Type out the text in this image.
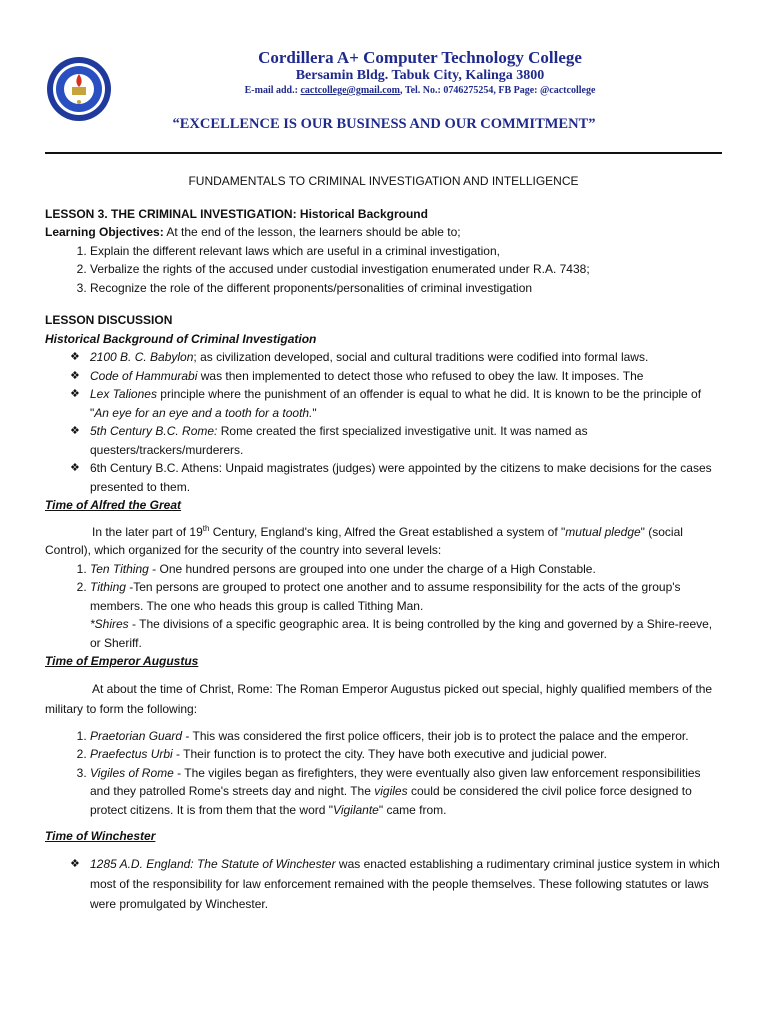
Cordillera A+ Computer Technology College
Bersamin Bldg. Tabuk City, Kalinga 3800
E-mail add.: cactcollege@gmail.com, Tel. No.: 0746275254, FB Page: @cactcollege
“EXCELLENCE IS OUR BUSINESS AND OUR COMMITMENT”

FUNDAMENTALS TO CRIMINAL INVESTIGATION AND INTELLIGENCE

LESSON 3. THE CRIMINAL INVESTIGATION: Historical Background

Learning Objectives: At the end of the lesson, the learners should be able to;

1. Explain the different relevant laws which are useful in a criminal investigation,
2. Verbalize the rights of the accused under custodial investigation enumerated under R.A. 7438;
3. Recognize the role of the different proponents/personalities of criminal investigation

LESSON DISCUSSION

Historical Background of Criminal Investigation

❖ 2100 B. C. Babylon; as civilization developed, social and cultural traditions were codified into formal laws.
❖ Code of Hammurabi was then implemented to detect those who refused to obey the law. It imposes. The
❖ Lex Taliones principle where the punishment of an offender is equal to what he did. It is known to be the principle of "An eye for an eye and a tooth for a tooth."
❖ 5th Century B.C. Rome: Rome created the first specialized investigative unit. It was named as questers/trackers/murderers.
❖ 6th Century B.C. Athens: Unpaid magistrates (judges) were appointed by the citizens to make decisions for the cases presented to them.

Time of Alfred the Great

In the later part of 19th Century, England's king, Alfred the Great established a system of "mutual pledge" (social Control), which organized for the security of the country into several levels:

1. Ten Tithing - One hundred persons are grouped into one under the charge of a High Constable.
2. Tithing -Ten persons are grouped to protect one another and to assume responsibility for the acts of the group's members. The one who heads this group is called Tithing Man.
*Shires - The divisions of a specific geographic area. It is being controlled by the king and governed by a Shire-reeve, or Sheriff.

Time of Emperor Augustus

At about the time of Christ, Rome: The Roman Emperor Augustus picked out special, highly qualified members of the military to form the following:

1. Praetorian Guard - This was considered the first police officers, their job is to protect the palace and the emperor.
2. Praefectus Urbi - Their function is to protect the city. They have both executive and judicial power.
3. Vigiles of Rome - The vigiles began as firefighters, they were eventually also given law enforcement responsibilities and they patrolled Rome's streets day and night. The vigiles could be considered the civil police force designed to protect citizens. It is from them that the word "Vigilante" came from.

Time of Winchester

❖ 1285 A.D. England: The Statute of Winchester was enacted establishing a rudimentary criminal justice system in which most of the responsibility for law enforcement remained with the people themselves. These following statutes or laws were promulgated by Winchester.
